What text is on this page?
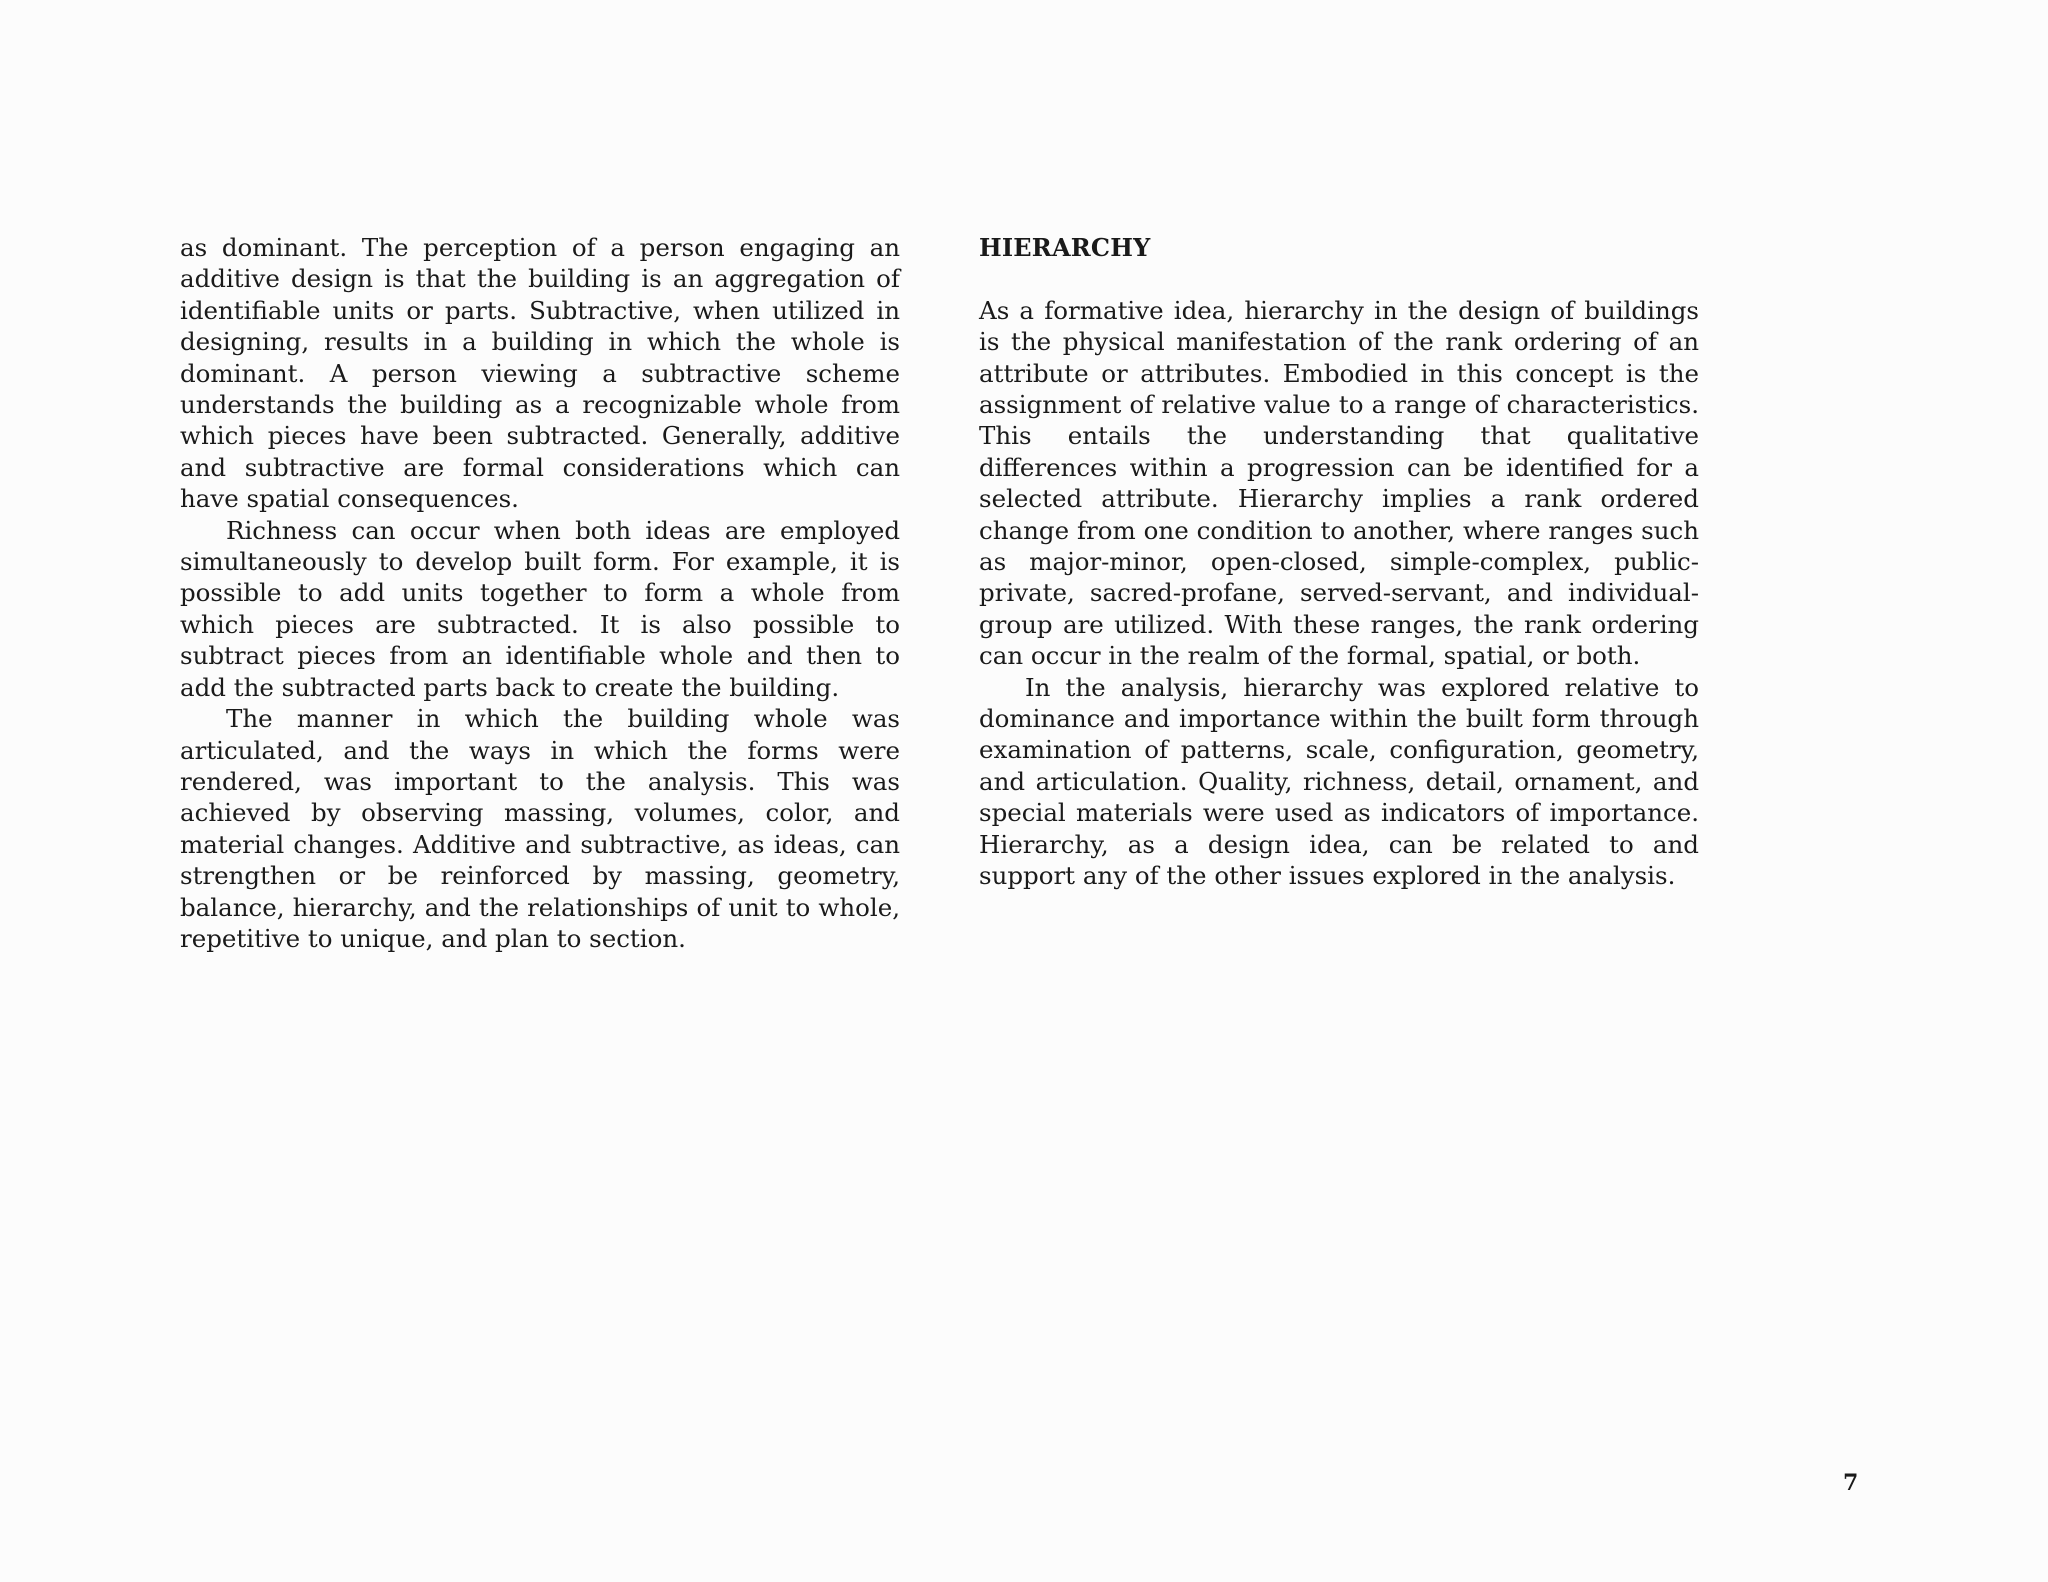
as dominant. The perception of a person engaging an additive design is that the building is an aggregation of identifiable units or parts. Subtractive, when utilized in designing, results in a building in which the whole is dominant. A person viewing a subtractive scheme understands the building as a recognizable whole from which pieces have been subtracted. Generally, additive and subtractive are formal considerations which can have spatial consequences.

Richness can occur when both ideas are employed simultaneously to develop built form. For example, it is possible to add units together to form a whole from which pieces are subtracted. It is also possible to subtract pieces from an identifiable whole and then to add the subtracted parts back to create the building.

The manner in which the building whole was articulated, and the ways in which the forms were rendered, was important to the analysis. This was achieved by observing massing, volumes, color, and material changes. Additive and subtractive, as ideas, can strengthen or be reinforced by massing, geometry, balance, hierarchy, and the relationships of unit to whole, repetitive to unique, and plan to section.

HIERARCHY

As a formative idea, hierarchy in the design of buildings is the physical manifestation of the rank ordering of an attribute or attributes. Embodied in this concept is the assignment of relative value to a range of characteristics. This entails the understanding that qualitative differences within a progression can be identified for a selected attribute. Hierarchy implies a rank ordered change from one condition to another, where ranges such as major-minor, open-closed, simple-complex, public-private, sacred-profane, served-servant, and individual-group are utilized. With these ranges, the rank ordering can occur in the realm of the formal, spatial, or both.

In the analysis, hierarchy was explored relative to dominance and importance within the built form through examination of patterns, scale, configuration, geometry, and articulation. Quality, richness, detail, ornament, and special materials were used as indicators of importance. Hierarchy, as a design idea, can be related to and support any of the other issues explored in the analysis.

7
